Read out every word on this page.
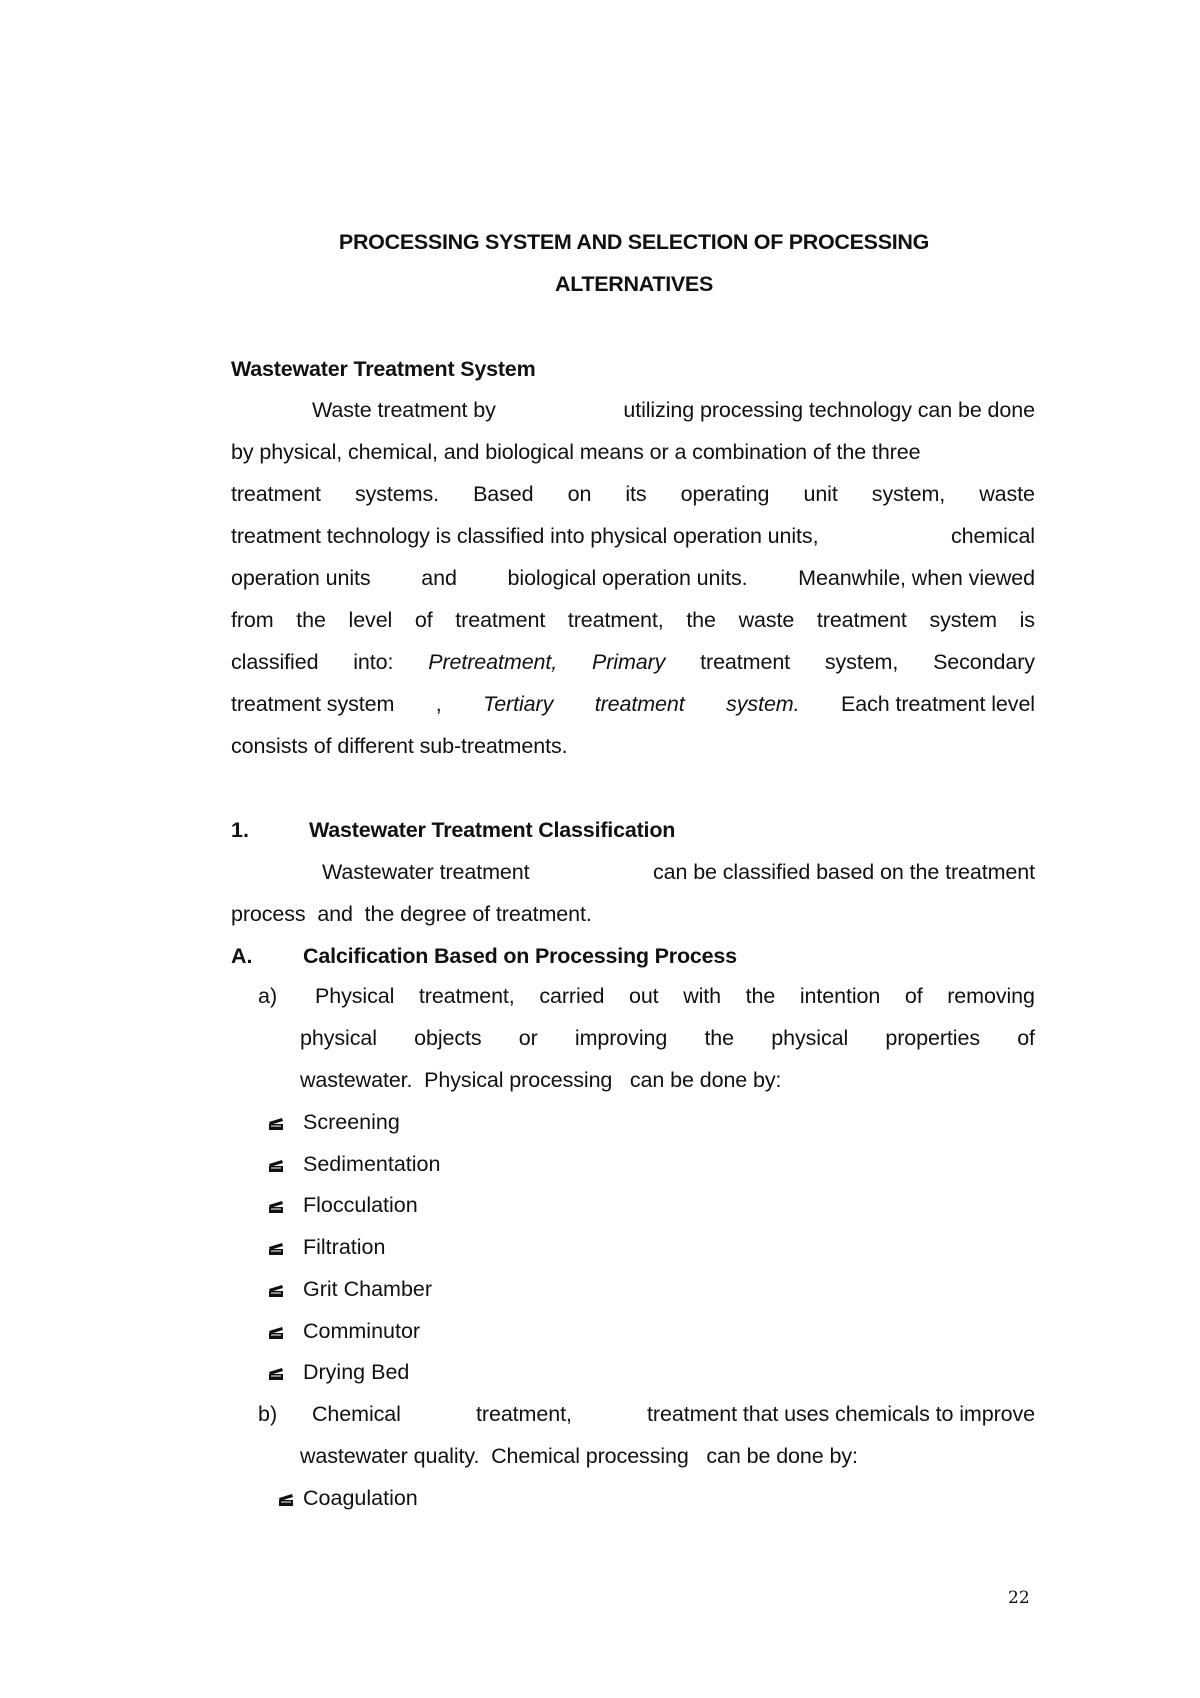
PROCESSING SYSTEM AND SELECTION OF PROCESSING
ALTERNATIVES
Wastewater Treatment System
Waste treatment by	utilizing processing technology can be done
by physical, chemical, and biological means or a combination of the three
treatment systems. Based on its operating unit system, waste
treatment technology is classified into physical operation units,	chemical
operation units and biological operation units. Meanwhile, when viewed
from the level of treatment treatment, the waste treatment system is
classified into: Pretreatment, Primary treatment system, Secondary
treatment system , Tertiary treatment system. Each treatment level
consists of different sub-treatments.
1.	Wastewater Treatment Classification
Wastewater treatment	can be classified based on the treatment
process  and  the degree of treatment.
A. Calcification Based on Processing Process
a) Physical treatment, carried out with the intention of removing
physical objects or improving the physical properties of
wastewater.  Physical processing   can be done by:
Screening
Sedimentation
Flocculation
Filtration
Grit Chamber
Comminutor
Drying Bed
b) Chemical	treatment,	treatment that uses chemicals to improve
wastewater quality.  Chemical processing   can be done by:
Coagulation
22
